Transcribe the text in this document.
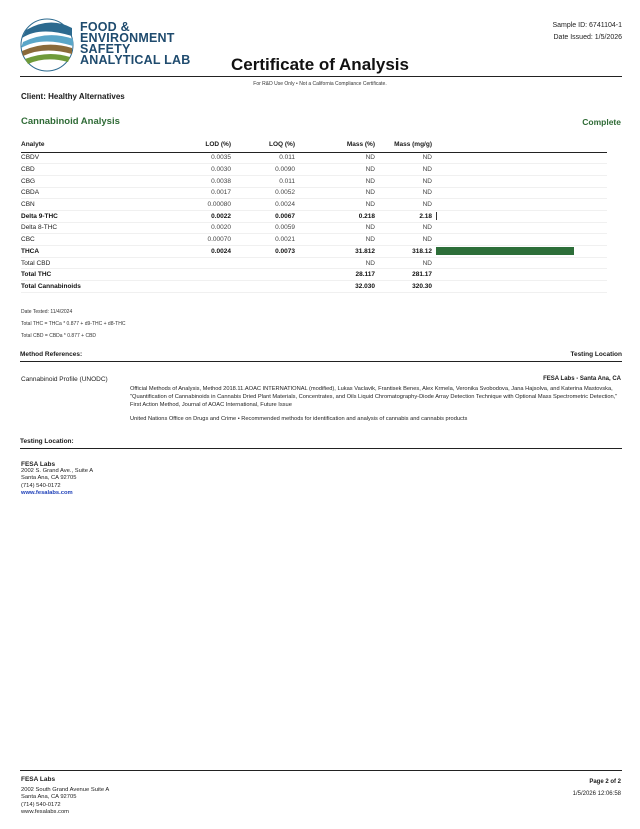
FOOD &
ENVIRONMENT
SAFETY
ANALYTICAL LAB
Sample ID: 6741104-1
Date Issued: 1/5/2026
Certificate of Analysis
For R&D Use Only • Not a California Compliance Certificate.
Client: Healthy Alternatives
Cannabinoid Analysis	Complete
Analyte	LOD (%)	LOQ (%)	Mass (%)	Mass (mg/g)	
CBDV	0.0035	0.011	ND	ND	
CBD	0.0030	0.0090	ND	ND	
CBG	0.0038	0.011	ND	ND	
CBDA	0.0017	0.0052	ND	ND	
CBN	0.00080	0.0024	ND	ND	
Delta 9-THC	0.0022	0.0067	0.218	2.18	
Delta 8-THC	0.0020	0.0059	ND	ND	
CBC	0.00070	0.0021	ND	ND	
THCA	0.0024	0.0073	31.812	318.12	
Total CBD			ND	ND	
Total THC			28.117	281.17	
Total Cannabinoids			32.030	320.30	
Date Tested: 11/4/2024
Total THC = THCa * 0.877 + d9-THC + d8-THC
Total CBD = CBDa * 0.877 + CBD
Method References:	Testing Location
Cannabinoid Profile (UNODC)	FESA Labs - Santa Ana, CA
Official Methods of Analysis, Method 2018.11.AOAC INTERNATIONAL (modified), Lukas Vaclavik, Frantisek Benes, Alex Krmela, Veronika Svobodova, Jana Hajsolva, and Katerina Mastovska, "Quantification of Cannabinoids in Cannabis Dried Plant Materials, Concentrates, and Oils Liquid Chromatography-Diode Array Detection Technique with Optional Mass Spectrometric Detection," First Action Method, Journal of AOAC International, Future Issue
United Nations Office on Drugs and Crime • Recommended methods for identification and analysis of cannabis and cannabis products
Testing Location:
FESA Labs
2002 S. Grand Ave., Suite A
Santa Ana, CA 92705
(714) 540-0172
www.fesalabs.com
FESA Labs
2002 South Grand Avenue Suite A
Santa Ana, CA 92705
(714) 540-0172
www.fesalabs.com
Page 2 of 2
1/5/2026 12:06:58
